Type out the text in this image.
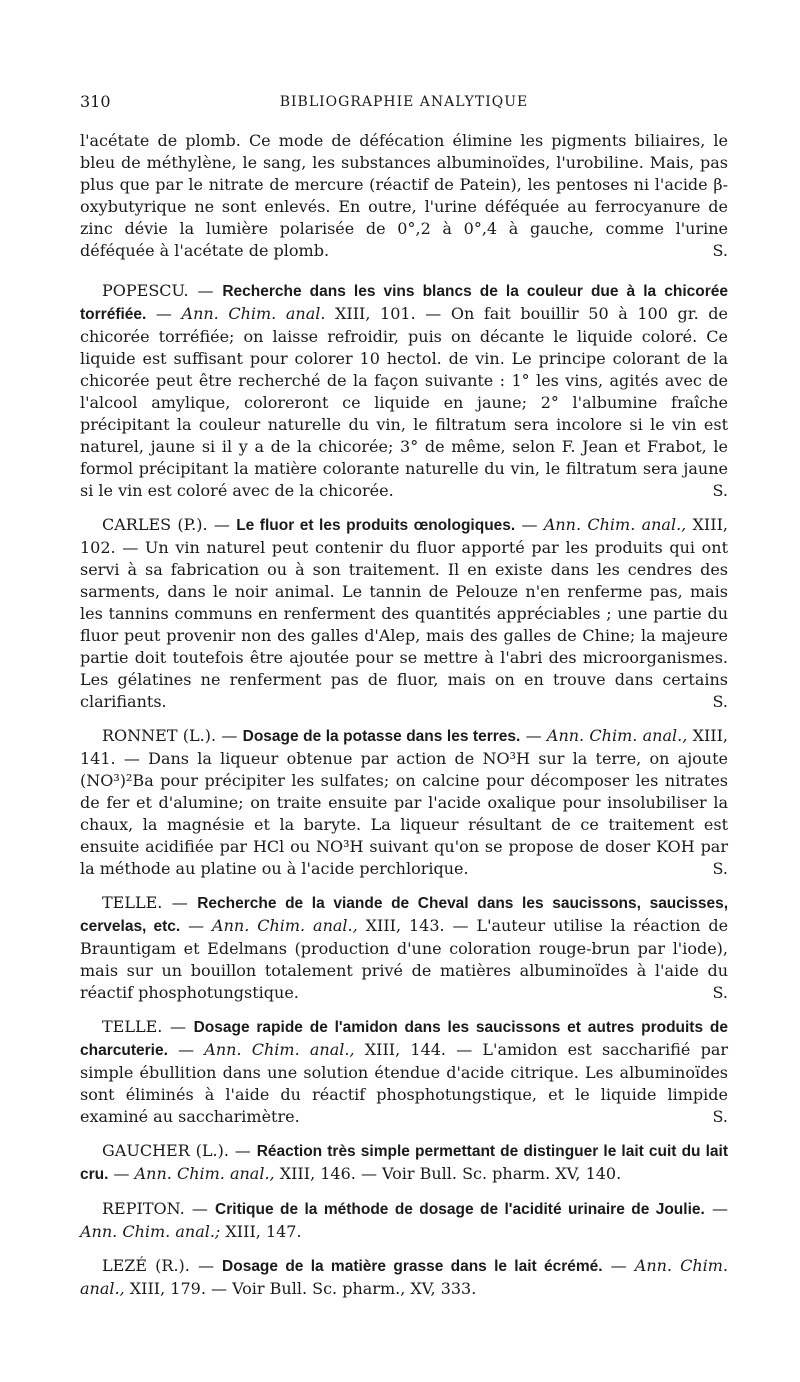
310	BIBLIOGRAPHIE ANALYTIQUE

l'acétate de plomb. Ce mode de défécation élimine les pigments biliaires, le bleu de méthylène, le sang, les substances albuminoïdes, l'urobiline. Mais, pas plus que par le nitrate de mercure (réactif de Patein), les pentoses ni l'acide β-oxybutyrique ne sont enlevés. En outre, l'urine déféquée au ferrocyanure de zinc dévie la lumière polarisée de 0°,2 à 0°,4 à gauche, comme l'urine déféquée à l'acétate de plomb.	S.

POPESCU. — Recherche dans les vins blancs de la couleur due à la chicorée torréfiée. — Ann. Chim. anal. XIII, 101. — On fait bouillir 50 à 100 gr. de chicorée torréfiée; on laisse refroidir, puis on décante le liquide coloré. Ce liquide est suffisant pour colorer 10 hectol. de vin. Le principe colorant de la chicorée peut être recherché de la façon suivante : 1° les vins, agités avec de l'alcool amylique, coloreront ce liquide en jaune; 2° l'albumine fraîche précipitant la couleur naturelle du vin, le filtratum sera incolore si le vin est naturel, jaune si il y a de la chicorée; 3° de même, selon F. Jean et Frabot, le formol précipitant la matière colorante naturelle du vin, le filtratum sera jaune si le vin est coloré avec de la chicorée.	S.

CARLES (P.). — Le fluor et les produits œnologiques. — Ann. Chim. anal., XIII, 102. — Un vin naturel peut contenir du fluor apporté par les produits qui ont servi à sa fabrication ou à son traitement. Il en existe dans les cendres des sarments, dans le noir animal. Le tannin de Pelouze n'en renferme pas, mais les tannins communs en renferment des quantités appréciables ; une partie du fluor peut provenir non des galles d'Alep, mais des galles de Chine; la majeure partie doit toutefois être ajoutée pour se mettre à l'abri des microorganismes. Les gélatines ne renferment pas de fluor, mais on en trouve dans certains clarifiants.	S.

RONNET (L.). — Dosage de la potasse dans les terres. — Ann. Chim. anal., XIII, 141. — Dans la liqueur obtenue par action de NO³H sur la terre, on ajoute (NO³)²Ba pour précipiter les sulfates; on calcine pour décomposer les nitrates de fer et d'alumine; on traite ensuite par l'acide oxalique pour insolubiliser la chaux, la magnésie et la baryte. La liqueur résultant de ce traitement est ensuite acidifiée par HCl ou NO³H suivant qu'on se propose de doser KOH par la méthode au platine ou à l'acide perchlorique.	S.

TELLE. — Recherche de la viande de Cheval dans les saucissons, saucisses, cervelas, etc. — Ann. Chim. anal., XIII, 143. — L'auteur utilise la réaction de Brauntigam et Edelmans (production d'une coloration rouge-brun par l'iode), mais sur un bouillon totalement privé de matières albuminoïdes à l'aide du réactif phosphotungstique.	S.

TELLE. — Dosage rapide de l'amidon dans les saucissons et autres produits de charcuterie. — Ann. Chim. anal., XIII, 144. — L'amidon est saccharifié par simple ébullition dans une solution étendue d'acide citrique. Les albuminoïdes sont éliminés à l'aide du réactif phosphotungstique, et le liquide limpide examiné au saccharimètre.	S.

GAUCHER (L.). — Réaction très simple permettant de distinguer le lait cuit du lait cru. — Ann. Chim. anal., XIII, 146. — Voir Bull. Sc. pharm. XV, 140.

REPITON. — Critique de la méthode de dosage de l'acidité urinaire de Joulie. — Ann. Chim. anal.; XIII, 147.

LEZÉ (R.). — Dosage de la matière grasse dans le lait écrémé. — Ann. Chim. anal., XIII, 179. — Voir Bull. Sc. pharm., XV, 333.
